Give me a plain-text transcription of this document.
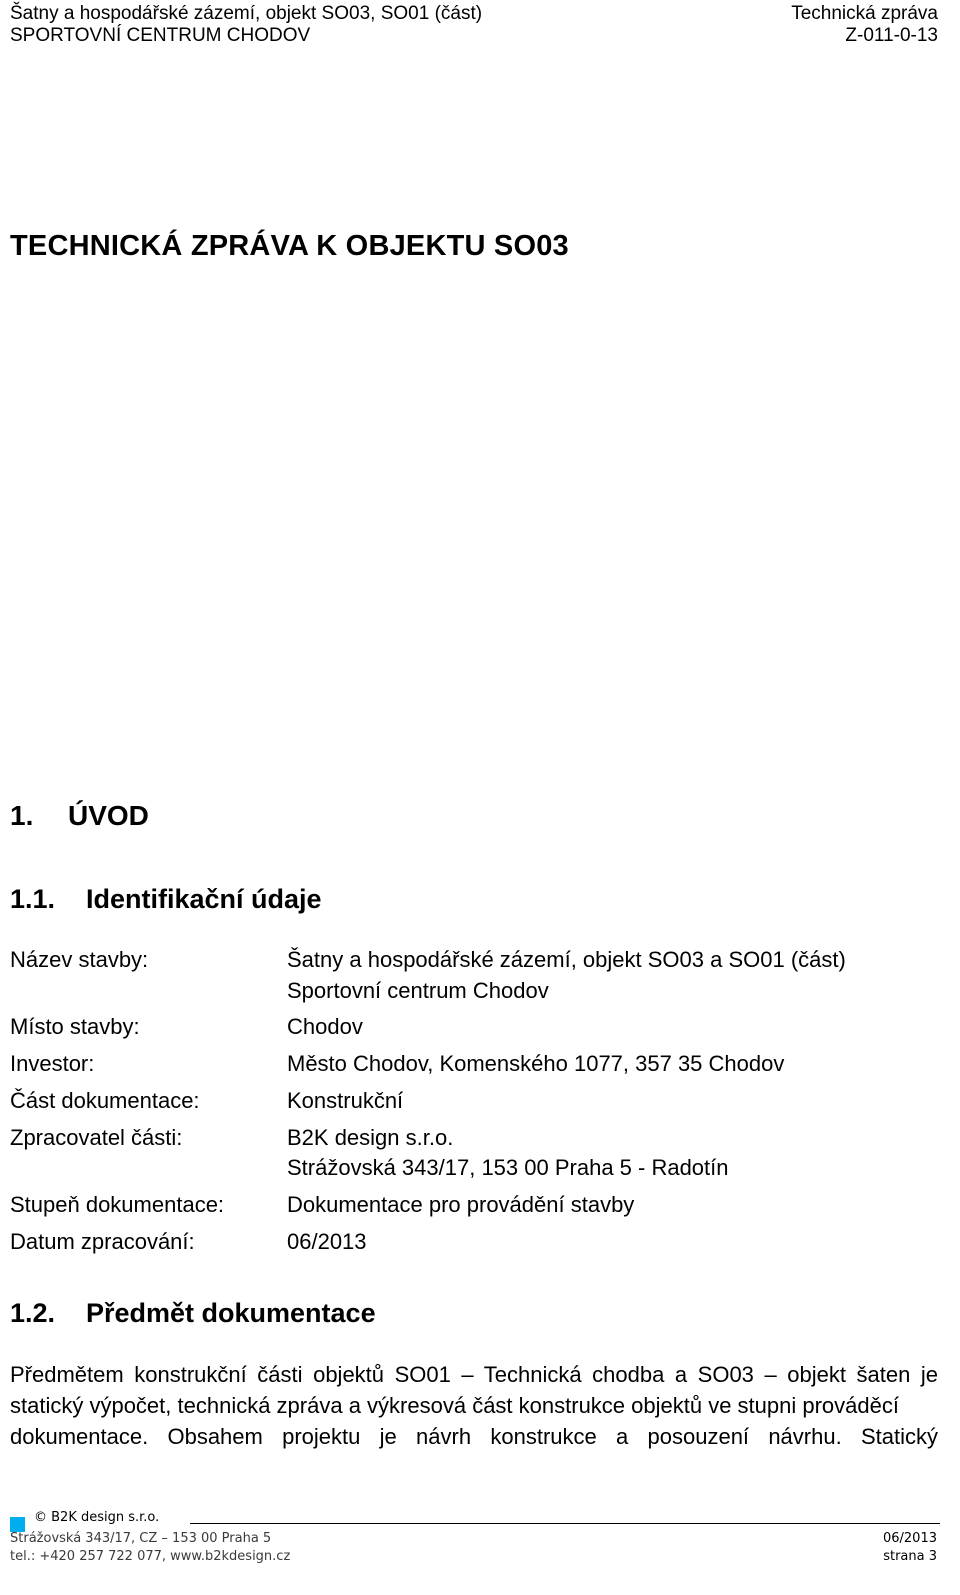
Šatny a hospodářské zázemí, objekt SO03, SO01 (část)
SPORTOVNÍ CENTRUM CHODOV
Technická zpráva
Z-011-0-13
TECHNICKÁ ZPRÁVA K OBJEKTU SO03
1. ÚVOD
1.1. Identifikační údaje
Název stavby:	Šatny a hospodářské zázemí, objekt SO03 a SO01 (část)
Sportovní centrum Chodov
Místo stavby:	Chodov
Investor:	Město Chodov, Komenského 1077, 357 35 Chodov
Část dokumentace:	Konstrukční
Zpracovatel části:	B2K design s.r.o.
Strážovská 343/17, 153 00 Praha 5 - Radotín
Stupeň dokumentace:	Dokumentace pro provádění stavby
Datum zpracování:	06/2013
1.2. Předmět dokumentace
Předmětem konstrukční části objektů SO01 – Technická chodba a SO03 – objekt šaten je statický výpočet, technická zpráva a výkresová část konstrukce objektů ve stupni prováděcí
dokumentace. Obsahem projektu je návrh konstrukce a posouzení návrhu. Statický
© B2K design s.r.o.
Strážovská 343/17, CZ – 153 00 Praha 5
tel.: +420 257 722 077, www.b2kdesign.cz
06/2013
strana 3
